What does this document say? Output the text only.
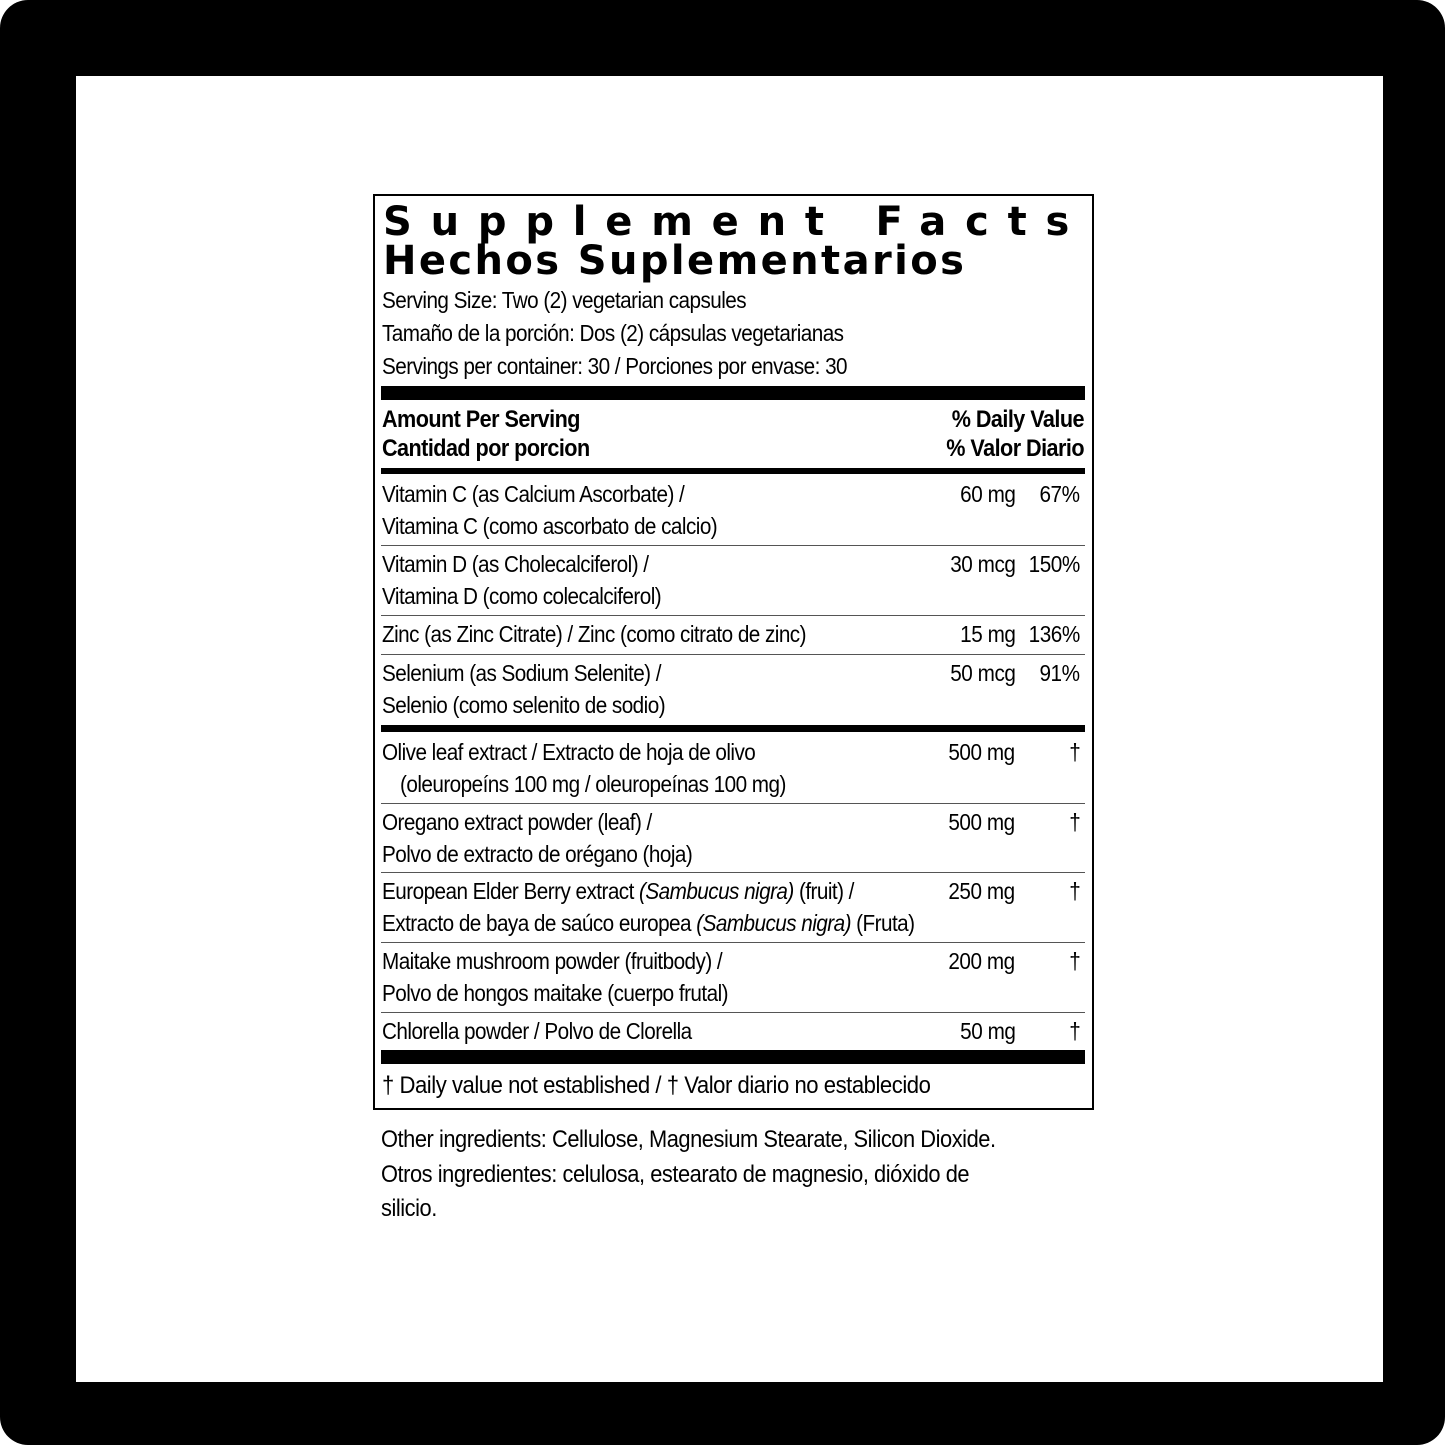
Supplement Facts
Hechos Suplementarios
Serving Size: Two (2) vegetarian capsules
Tamaño de la porción: Dos (2) cápsulas vegetarianas
Servings per container: 30 / Porciones por envase: 30
Amount Per Serving
Cantidad por porcion
% Daily Value
% Valor Diario
Vitamin C (as Calcium Ascorbate) /
Vitamina C (como ascorbato de calcio)
60 mg 67%
Vitamin D (as Cholecalciferol) /
Vitamina D (como colecalciferol)
30 mcg 150%
Zinc (as Zinc Citrate) / Zinc (como citrato de zinc)	15 mg 136%
Selenium (as Sodium Selenite) /
Selenio (como selenito de sodio)
50 mcg 91%
Olive leaf extract / Extracto de hoja de olivo
(oleuropeíns 100 mg / oleuropeínas 100 mg)
500 mg †
Oregano extract powder (leaf) /
Polvo de extracto de orégano (hoja)
500 mg †
European Elder Berry extract (Sambucus nigra) (fruit) /
Extracto de baya de saúco europea (Sambucus nigra) (Fruta)
250 mg †
Maitake mushroom powder (fruitbody) /
Polvo de hongos maitake (cuerpo frutal)
200 mg †
Chlorella powder / Polvo de Clorella	50 mg †
† Daily value not established / † Valor diario no establecido
Other ingredients: Cellulose, Magnesium Stearate, Silicon Dioxide.
Otros ingredientes: celulosa, estearato de magnesio, dióxido de
silicio.
